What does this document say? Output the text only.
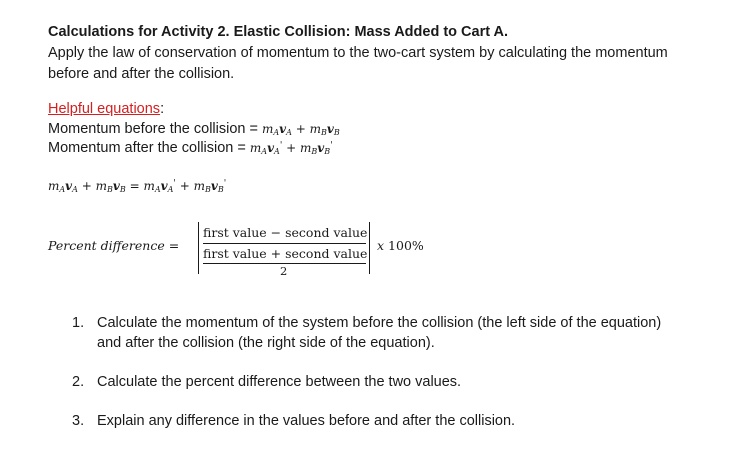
Calculations for Activity 2. Elastic Collision: Mass Added to Cart A.
Apply the law of conservation of momentum to the two-cart system by calculating the momentum before and after the collision.
Helpful equations:
Momentum before the collision = $m_Av_A + m_Bv_B$
Momentum after the collision = $m_Av_A' + m_Bv_B'$
$m_Av_A + m_Bv_B = m_Av_A' + m_Bv_B'$
Percent difference =
first value − second value
first value + second value
2
x 100%
1. Calculate the momentum of the system before the collision (the left side of the equation) and after the collision (the right side of the equation).
2. Calculate the percent difference between the two values.
3. Explain any difference in the values before and after the collision.
